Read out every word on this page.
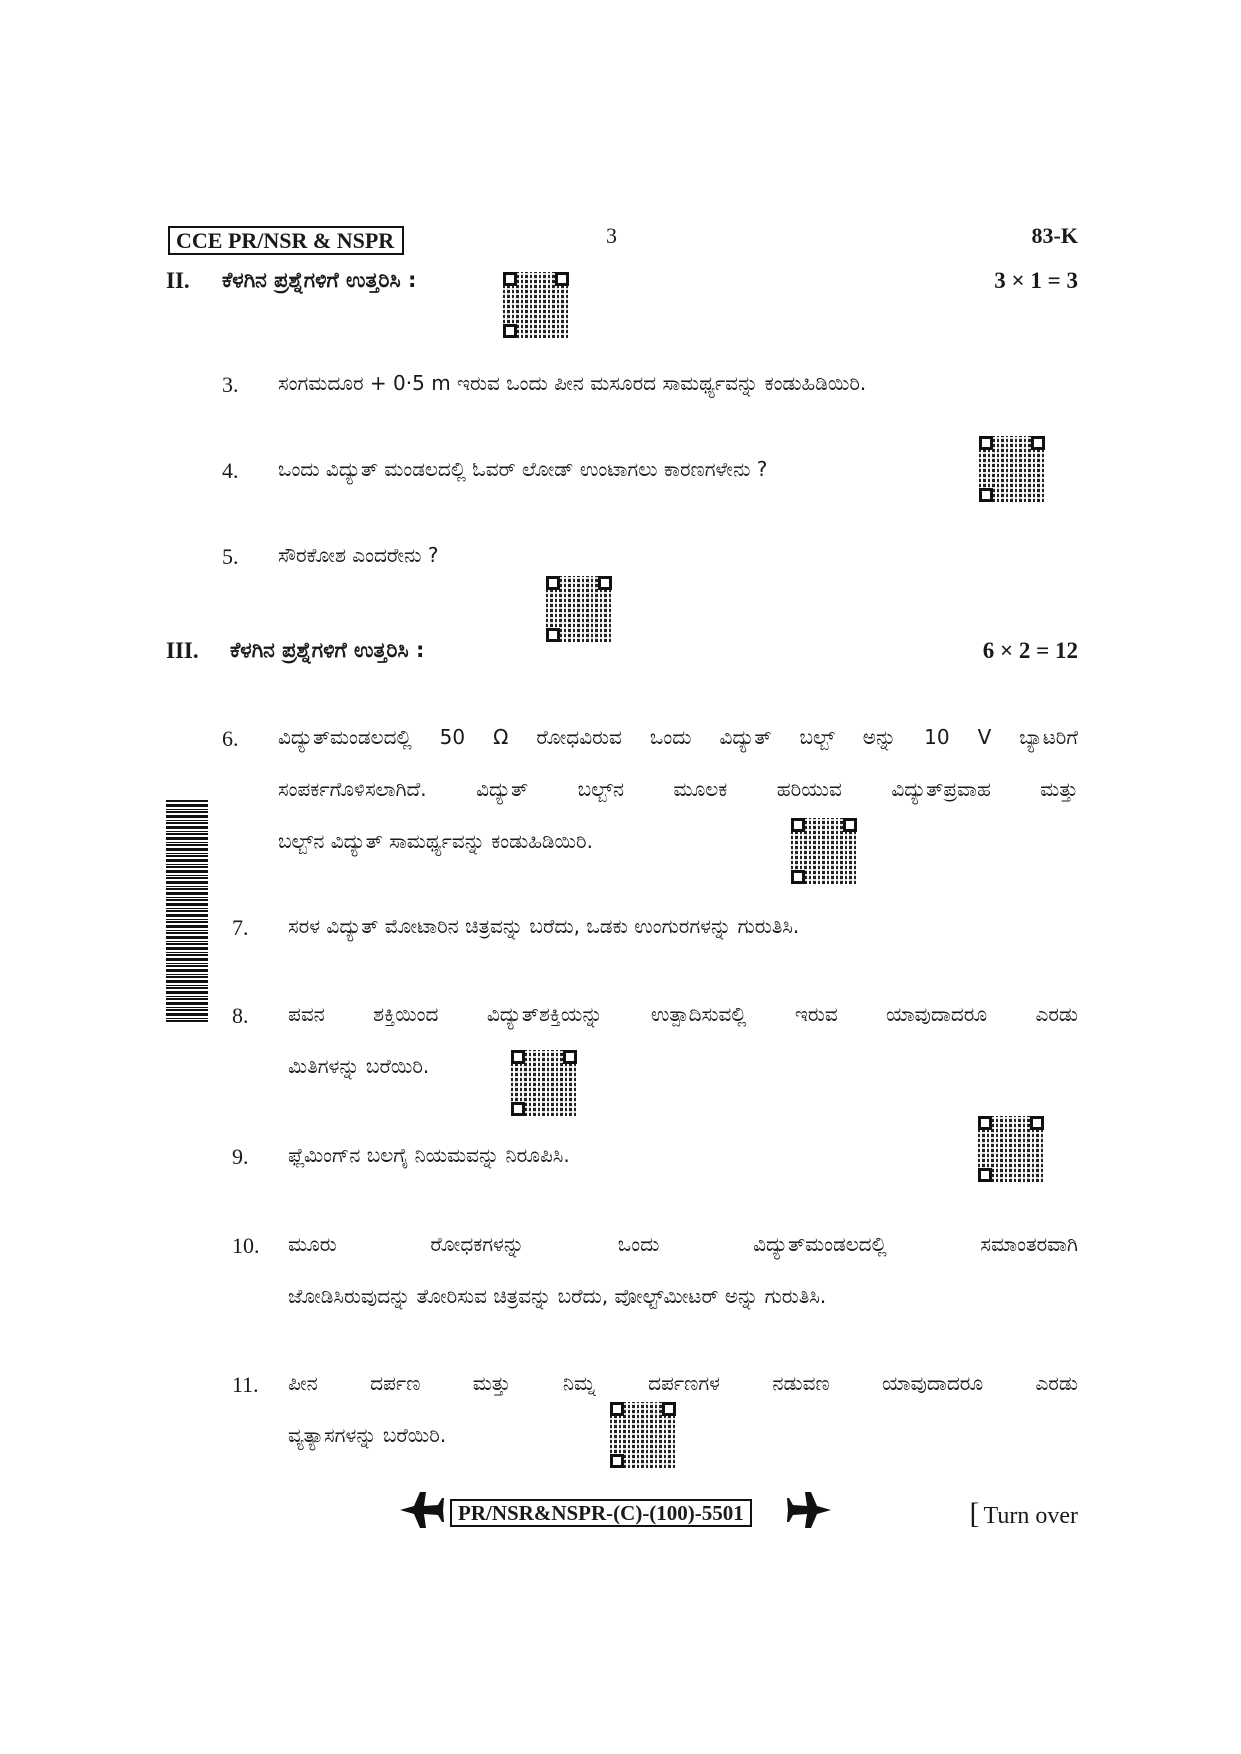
CCE PR/NSR & NSPR	3	83-K
II. ಕೆಳಗಿನ ಪ್ರಶ್ನೆಗಳಿಗೆ ಉತ್ತರಿಸಿ :	3 × 1 = 3
3. ಸಂಗಮದೂರ + 0·5 m ಇರುವ ಒಂದು ಪೀನ ಮಸೂರದ ಸಾಮರ್ಥ್ಯವನ್ನು ಕಂಡುಹಿಡಿಯಿರಿ.
4. ಒಂದು ವಿದ್ಯುತ್ ಮಂಡಲದಲ್ಲಿ ಓವರ್ ಲೋಡ್ ಉಂಟಾಗಲು ಕಾರಣಗಳೇನು ?
5. ಸೌರಕೋಶ ಎಂದರೇನು ?
III. ಕೆಳಗಿನ ಪ್ರಶ್ನೆಗಳಿಗೆ ಉತ್ತರಿಸಿ :	6 × 2 = 12
6. ವಿದ್ಯುತ್‌ಮಂಡಲದಲ್ಲಿ 50 Ω ರೋಧವಿರುವ ಒಂದು ವಿದ್ಯುತ್ ಬಲ್ಬ್ ಅನ್ನು 10 V ಬ್ಯಾಟರಿಗೆ
ಸಂಪರ್ಕಗೊಳಿಸಲಾಗಿದೆ. ವಿದ್ಯುತ್ ಬಲ್ಬ್‌ನ ಮೂಲಕ ಹರಿಯುವ ವಿದ್ಯುತ್‌ಪ್ರವಾಹ ಮತ್ತು
ಬಲ್ಬ್‌ನ ವಿದ್ಯುತ್ ಸಾಮರ್ಥ್ಯವನ್ನು ಕಂಡುಹಿಡಿಯಿರಿ.
7. ಸರಳ ವಿದ್ಯುತ್ ಮೋಟಾರಿನ ಚಿತ್ರವನ್ನು ಬರೆದು, ಒಡಕು ಉಂಗುರಗಳನ್ನು ಗುರುತಿಸಿ.
8. ಪವನ ಶಕ್ತಿಯಿಂದ ವಿದ್ಯುತ್‌ಶಕ್ತಿಯನ್ನು ಉತ್ಪಾದಿಸುವಲ್ಲಿ ಇರುವ ಯಾವುದಾದರೂ ಎರಡು
ಮಿತಿಗಳನ್ನು ಬರೆಯಿರಿ.
9. ಫ್ಲೆಮಿಂಗ್‌ನ ಬಲಗೈ ನಿಯಮವನ್ನು ನಿರೂಪಿಸಿ.
10. ಮೂರು ರೋಧಕಗಳನ್ನು ಒಂದು ವಿದ್ಯುತ್‌ಮಂಡಲದಲ್ಲಿ ಸಮಾಂತರವಾಗಿ
ಜೋಡಿಸಿರುವುದನ್ನು ತೋರಿಸುವ ಚಿತ್ರವನ್ನು ಬರೆದು, ವೋಲ್ಟ್‌ಮೀಟರ್ ಅನ್ನು ಗುರುತಿಸಿ.
11. ಪೀನ ದರ್ಪಣ ಮತ್ತು ನಿಮ್ನ ದರ್ಪಣಗಳ ನಡುವಣ ಯಾವುದಾದರೂ ಎರಡು
ವ್ಯತ್ಯಾಸಗಳನ್ನು ಬರೆಯಿರಿ.
PR/NSR&NSPR-(C)-(100)-5501	[ Turn over
